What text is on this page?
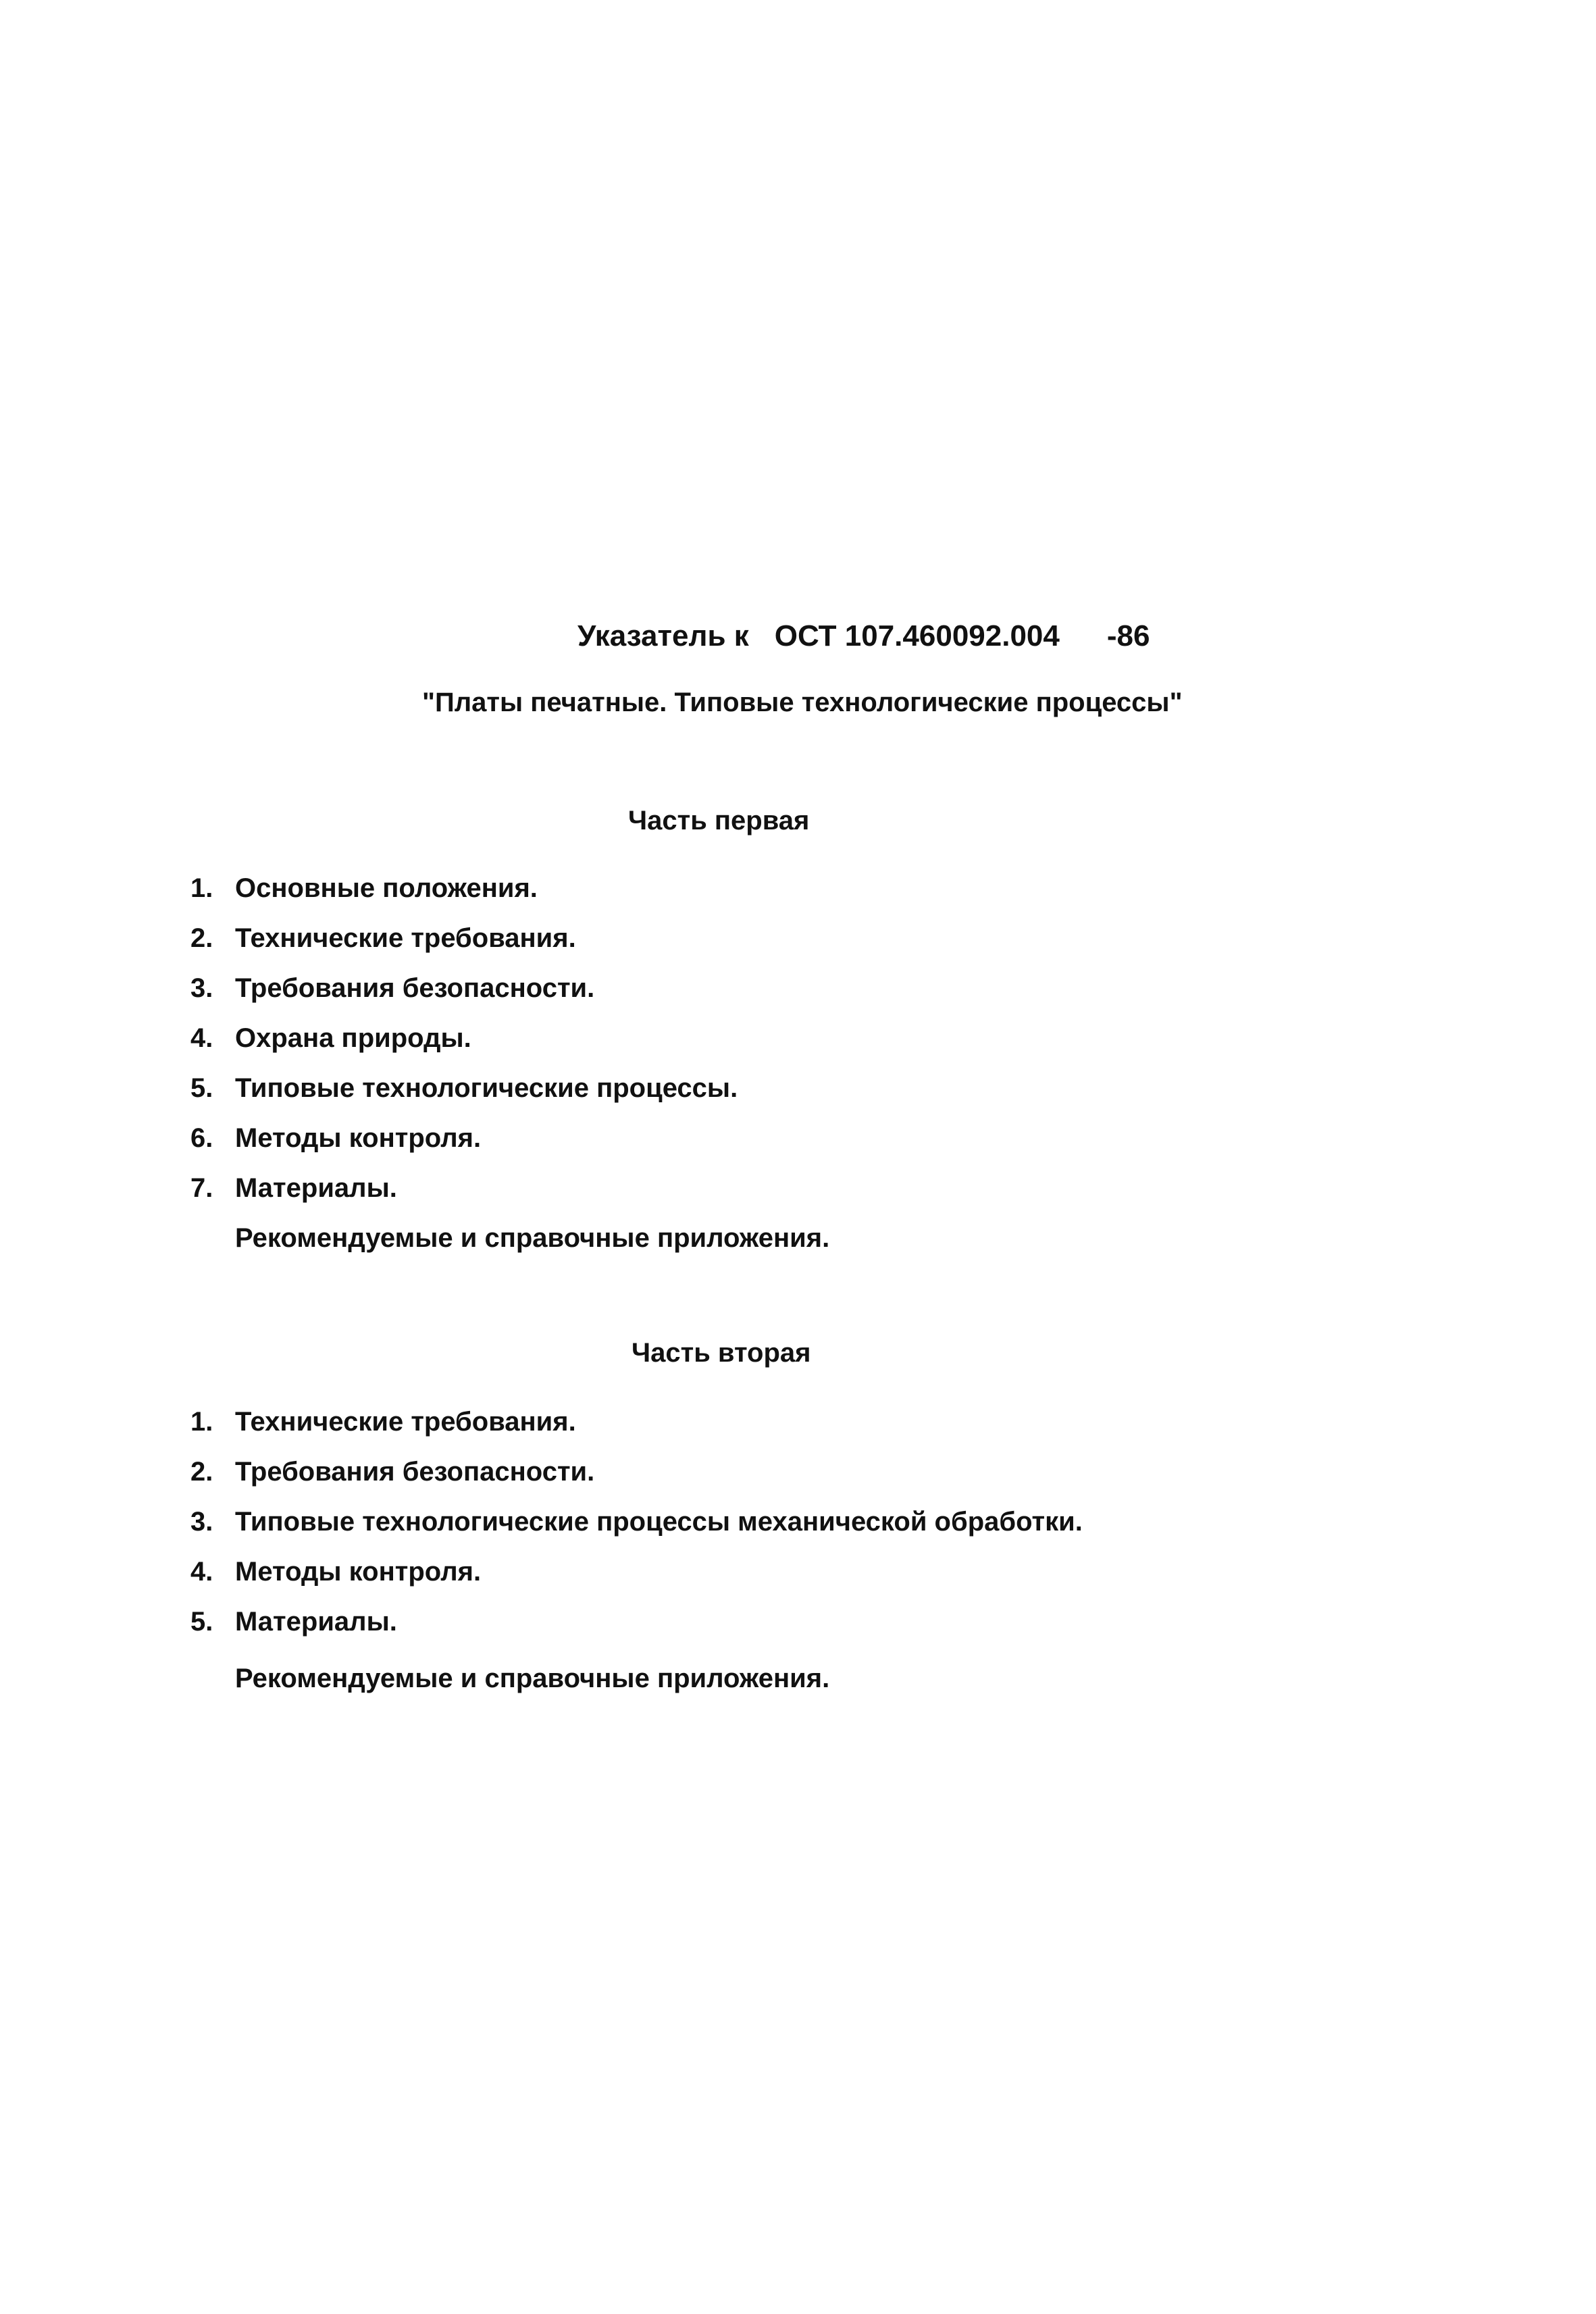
Указатель к ОСТ 107.460092.004 -86
"Платы печатные. Типовые технологические процессы"
Часть первая
1. Основные положения.
2. Технические требования.
3. Требования безопасности.
4. Охрана природы.
5. Типовые технологические процессы.
6. Методы контроля.
7. Материалы.
Рекомендуемые и справочные приложения.
Часть вторая
1. Технические требования.
2. Требования безопасности.
3. Типовые технологические процессы механической обработки.
4. Методы контроля.
5. Материалы.
Рекомендуемые и справочные приложения.
